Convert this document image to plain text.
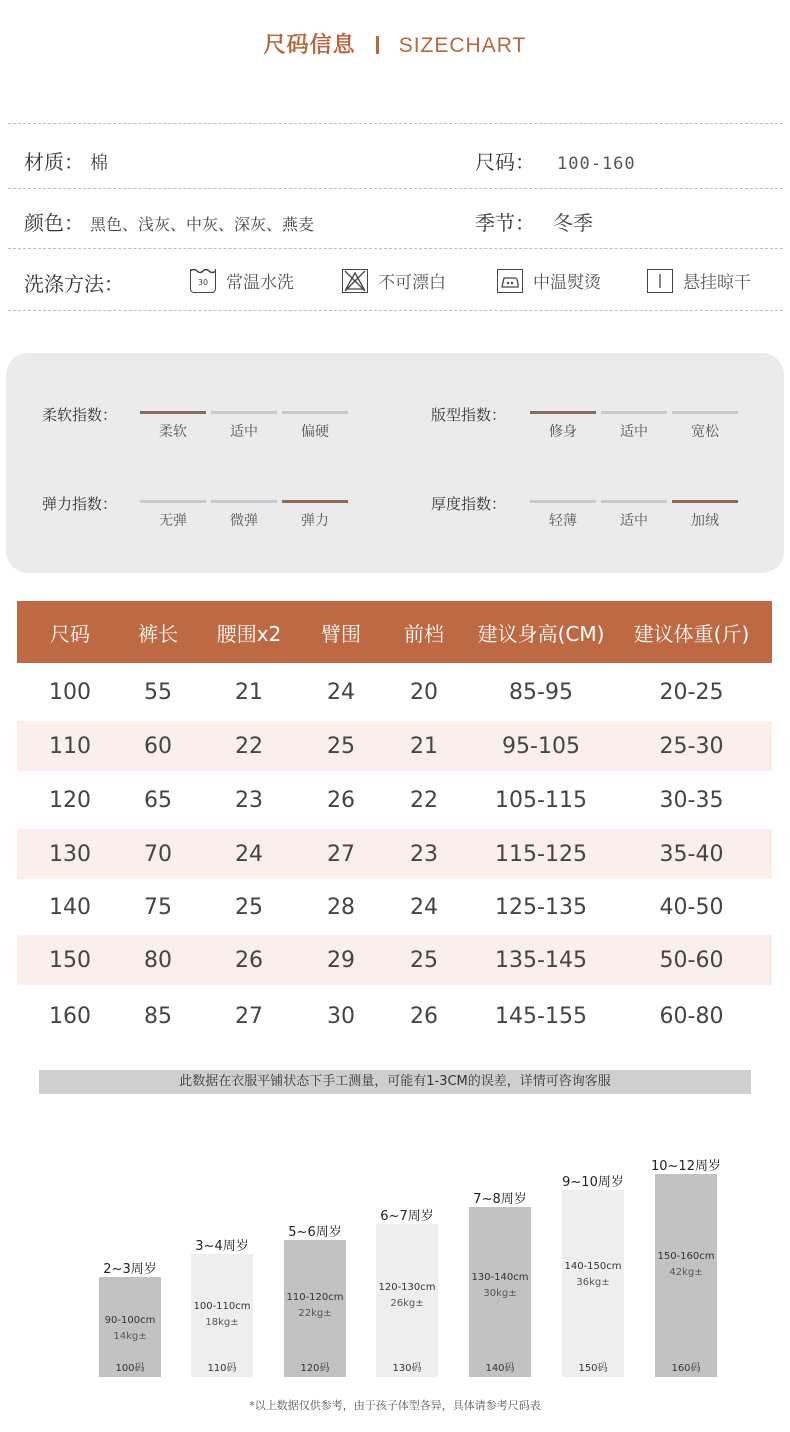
尺码信息 SIZECHART
材质： 棉	尺码： 100-160
颜色： 黑色、浅灰、中灰、深灰、燕麦	季节： 冬季
洗涤方法：	30 常温水洗	不可漂白	中温熨烫	悬挂晾干
柔软指数：
柔软	适中	偏硬
版型指数：
修身	适中	宽松
弹力指数：
无弹	微弹	弹力
厚度指数：
轻薄	适中	加绒
尺码	裤长	腰围x2	臂围	前档	建议身高(CM)	建议体重(斤)
100	55	21	24	20	85-95	20-25
110	60	22	25	21	95-105	25-30
120	65	23	26	22	105-115	30-35
130	70	24	27	23	115-125	35-40
140	75	25	28	24	125-135	40-50
150	80	26	29	25	135-145	50-60
160	85	27	30	26	145-155	60-80
此数据在衣服平铺状态下手工测量，可能有1-3CM的误差，详情可咨询客服
2~3周岁
90-100cm
14kg±
100码
3~4周岁
100-110cm
18kg±
110码
5~6周岁
110-120cm
22kg±
120码
6~7周岁
120-130cm
26kg±
130码
7~8周岁
130-140cm
30kg±
140码
9~10周岁
140-150cm
36kg±
150码
10~12周岁
150-160cm
42kg±
160码
*以上数据仅供参考，由于孩子体型各异，具体请参考尺码表
